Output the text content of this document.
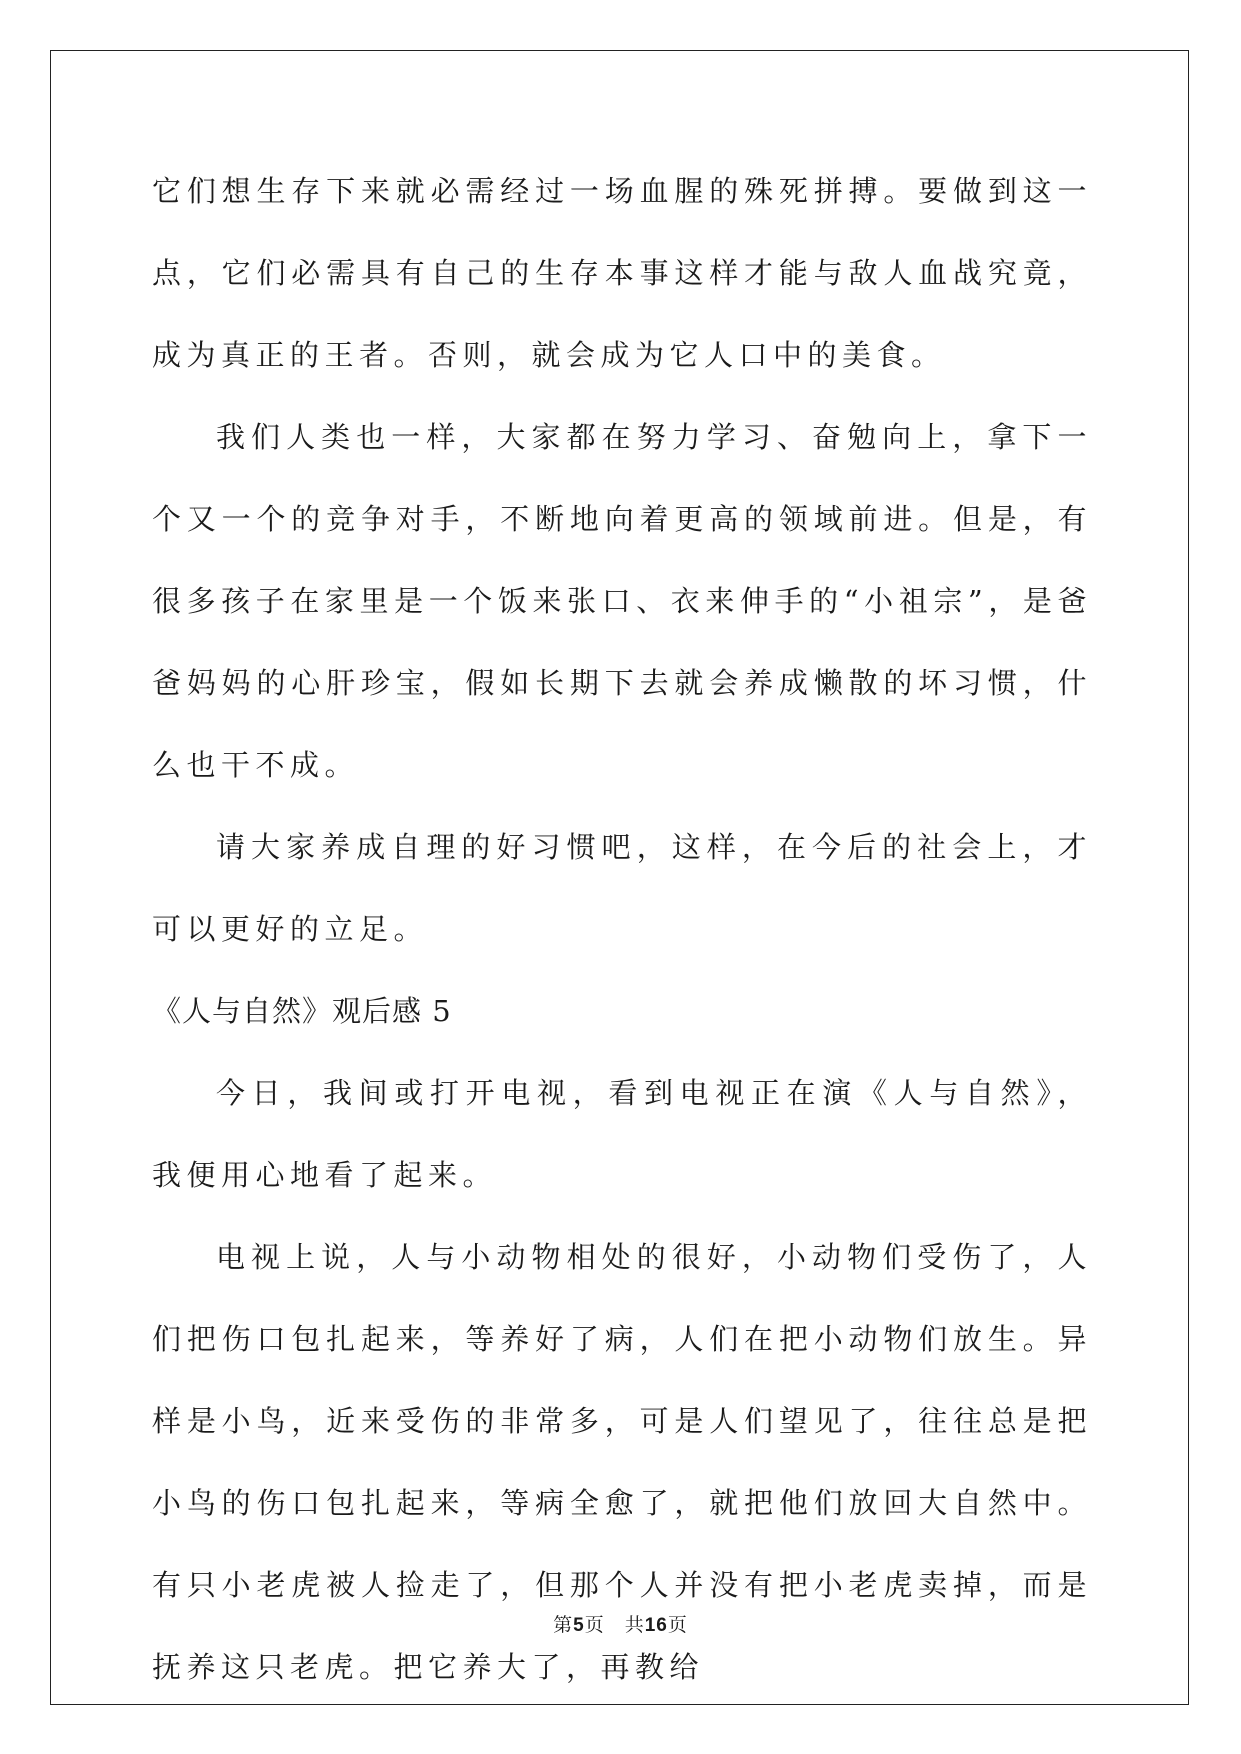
它们想生存下来就必需经过一场血腥的殊死拼搏。要做到这一点，它们必需具有自己的生存本事这样才能与敌人血战究竟，成为真正的王者。否则，就会成为它人口中的美食。

我们人类也一样，大家都在努力学习、奋勉向上，拿下一个又一个的竞争对手，不断地向着更高的领域前进。但是，有很多孩子在家里是一个饭来张口、衣来伸手的“小祖宗”，是爸爸妈妈的心肝珍宝，假如长期下去就会养成懒散的坏习惯，什么也干不成。

请大家养成自理的好习惯吧，这样，在今后的社会上，才可以更好的立足。

《人与自然》观后感 5

今日，我间或打开电视，看到电视正在演《人与自然》，我便用心地看了起来。

电视上说，人与小动物相处的很好，小动物们受伤了，人们把伤口包扎起来，等养好了病，人们在把小动物们放生。异样是小鸟，近来受伤的非常多，可是人们望见了，往往总是把小鸟的伤口包扎起来，等病全愈了，就把他们放回大自然中。有只小老虎被人捡走了，但那个人并没有把小老虎卖掉，而是抚养这只老虎。把它养大了，再教给

第5页　共16页
